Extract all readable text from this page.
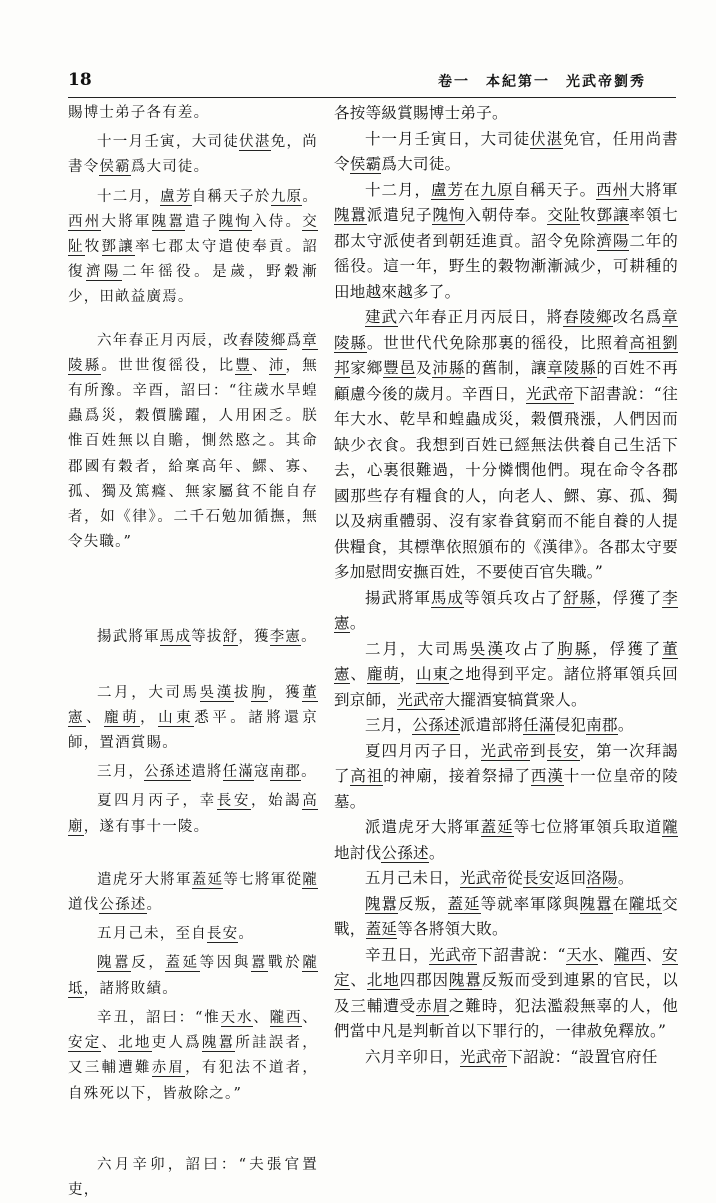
18	卷一　本紀第一　光武帝劉秀

賜博士弟子各有差。

十一月壬寅，大司徒伏湛免，尚書令侯霸爲大司徒。

十二月，盧芳自稱天子於九原。西州大將軍隗囂遣子隗恂入侍。交阯牧鄧讓率七郡太守遣使奉貢。詔復濟陽二年徭役。是歲，野穀漸少，田畝益廣焉。

六年春正月丙辰，改舂陵鄉爲章陵縣。世世復徭役，比豐、沛，無有所豫。辛酉，詔曰：“往歲水旱蝗蟲爲災，穀價騰躍，人用困乏。朕惟百姓無以自贍，惻然愍之。其命郡國有穀者，給稟高年、鰥、寡、孤、獨及篤癃、無家屬貧不能自存者，如《律》。二千石勉加循撫，無令失職。”

揚武將軍馬成等拔舒，獲李憲。

二月，大司馬吳漢拔朐，獲董憲、龐萌，山東悉平。諸將還京師，置酒賞賜。

三月，公孫述遣將任滿寇南郡。

夏四月丙子，幸長安，始謁高廟，遂有事十一陵。

遣虎牙大將軍蓋延等七將軍從隴道伐公孫述。

五月己未，至自長安。

隗囂反，蓋延等因與囂戰於隴坻，諸將敗績。

辛丑，詔曰：“惟天水、隴西、安定、北地吏人爲隗囂所詿誤者，又三輔遭難赤眉，有犯法不道者，自殊死以下，皆赦除之。”

六月辛卯，詔曰：“夫張官置吏，

各按等級賞賜博士弟子。

十一月壬寅日，大司徒伏湛免官，任用尚書令侯霸爲大司徒。

十二月，盧芳在九原自稱天子。西州大將軍隗囂派遣兒子隗恂入朝侍奉。交阯牧鄧讓率領七郡太守派使者到朝廷進貢。詔令免除濟陽二年的徭役。這一年，野生的穀物漸漸減少，可耕種的田地越來越多了。

建武六年春正月丙辰日，將舂陵鄉改名爲章陵縣。世世代代免除那裏的徭役，比照着高祖劉邦家鄉豐邑及沛縣的舊制，讓章陵縣的百姓不再顧慮今後的歲月。辛酉日，光武帝下詔書說：“往年大水、乾旱和蝗蟲成災，穀價飛漲，人們因而缺少衣食。我想到百姓已經無法供養自己生活下去，心裏很難過，十分憐憫他們。現在命令各郡國那些存有糧食的人，向老人、鰥、寡、孤、獨以及病重體弱、沒有家眷貧窮而不能自養的人提供糧食，其標準依照頒布的《漢律》。各郡太守要多加慰問安撫百姓，不要使百官失職。”

揚武將軍馬成等領兵攻占了舒縣，俘獲了李憲。

二月，大司馬吳漢攻占了朐縣，俘獲了董憲、龐萌，山東之地得到平定。諸位將軍領兵回到京師，光武帝大擺酒宴犒賞衆人。

三月，公孫述派遣部將任滿侵犯南郡。

夏四月丙子日，光武帝到長安，第一次拜謁了高祖的神廟，接着祭掃了西漢十一位皇帝的陵墓。

派遣虎牙大將軍蓋延等七位將軍領兵取道隴地討伐公孫述。

五月己未日，光武帝從長安返回洛陽。

隗囂反叛，蓋延等就率軍隊與隗囂在隴坻交戰，蓋延等各將領大敗。

辛丑日，光武帝下詔書說：“天水、隴西、安定、北地四郡因隗囂反叛而受到連累的官民，以及三輔遭受赤眉之難時，犯法濫殺無辜的人，他們當中凡是判斬首以下罪行的，一律赦免釋放。”

六月辛卯日，光武帝下詔說：“設置官府任
